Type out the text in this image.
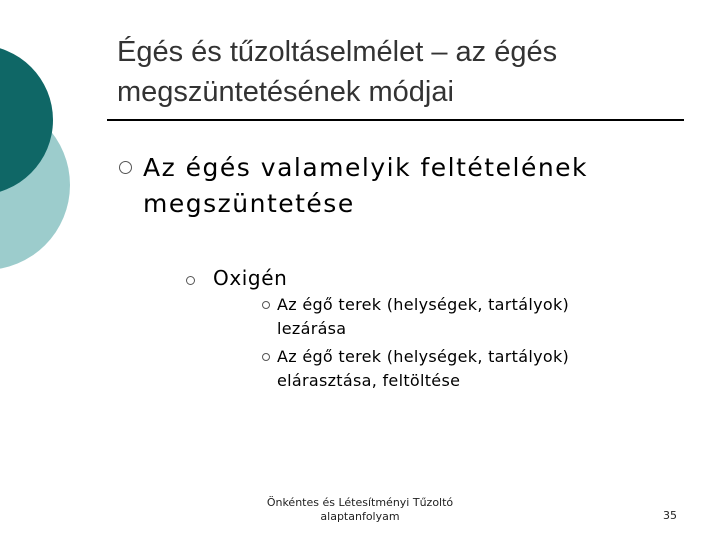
Égés és tűzoltáselmélet – az égés
megszüntetésének módjai
Az égés valamelyik feltételének
megszüntetése
Oxigén
Az égő terek (helységek, tartályok)
lezárása
Az égő terek (helységek, tartályok)
elárasztása, feltöltése
Önkéntes és Létesítményi Tűzoltó
alaptanfolyam	35
